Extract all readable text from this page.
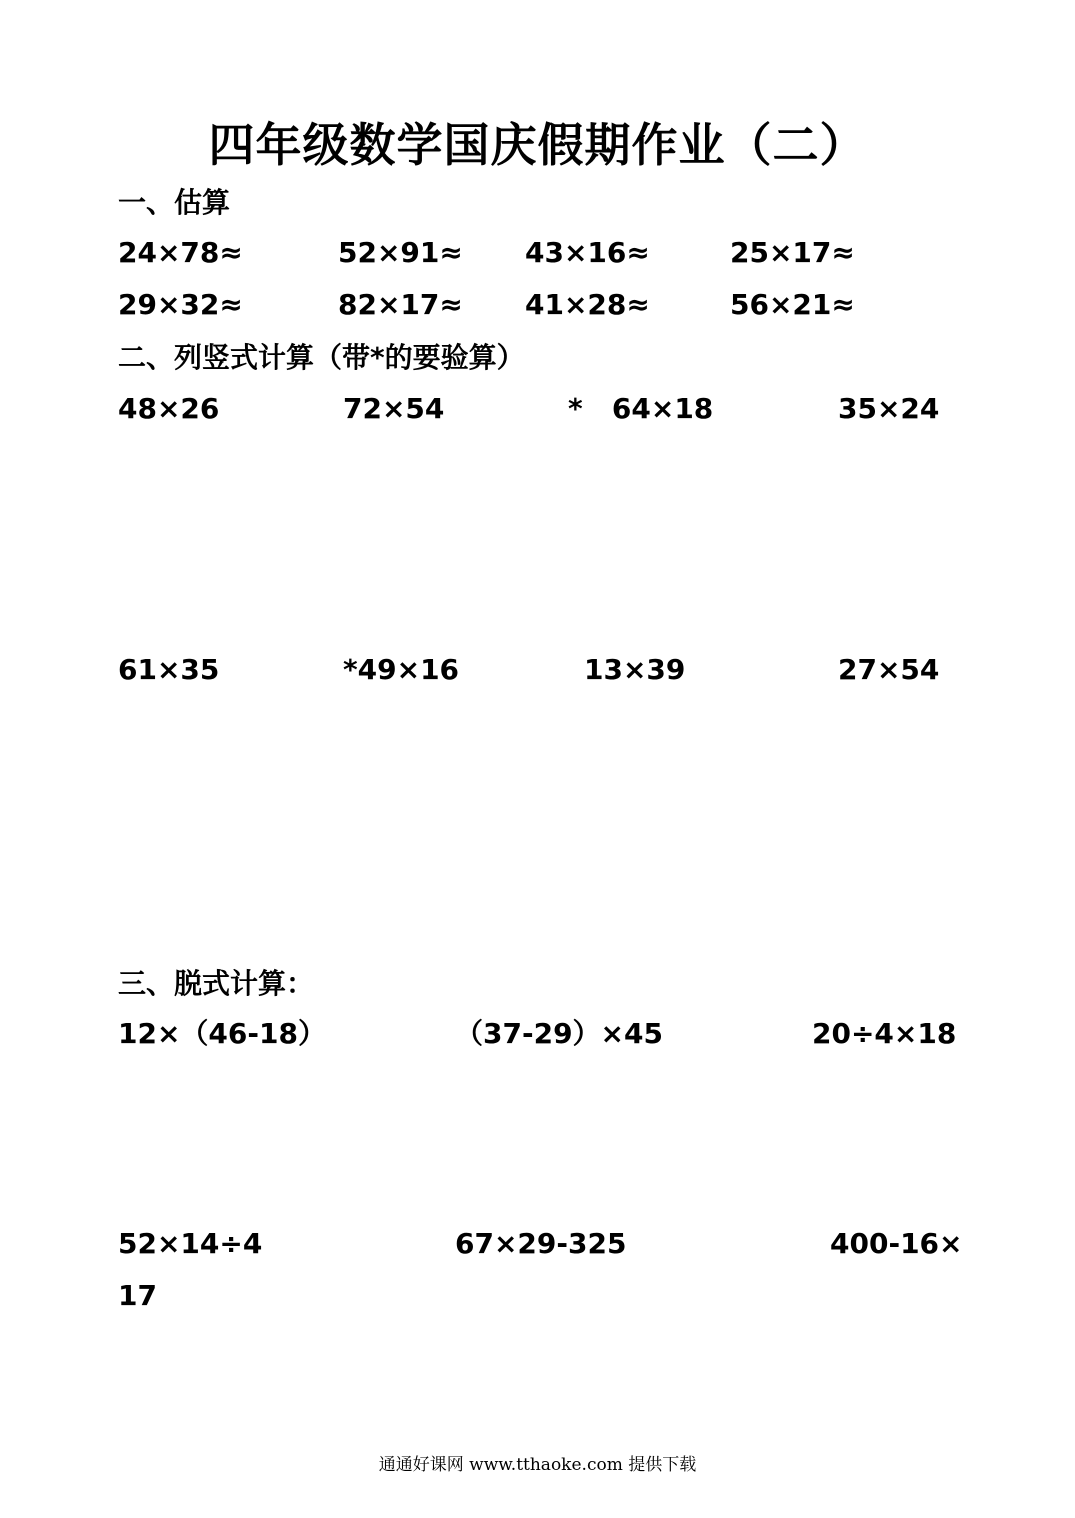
四年级数学国庆假期作业（二）
一、估算
24×78≈	52×91≈ 43×16≈	25×17≈
29×32≈	82×17≈ 41×28≈	56×21≈
二、列竖式计算（带*的要验算）
48×26	72×54	*   64×18	35×24
61×35	*49×16	13×39	27×54
三、脱式计算：
12×（46-18）	（37-29）×45	20÷4×18
52×14÷4	67×29-325	400-16×
17
通通好课网 www.tthaoke.com 提供下载
